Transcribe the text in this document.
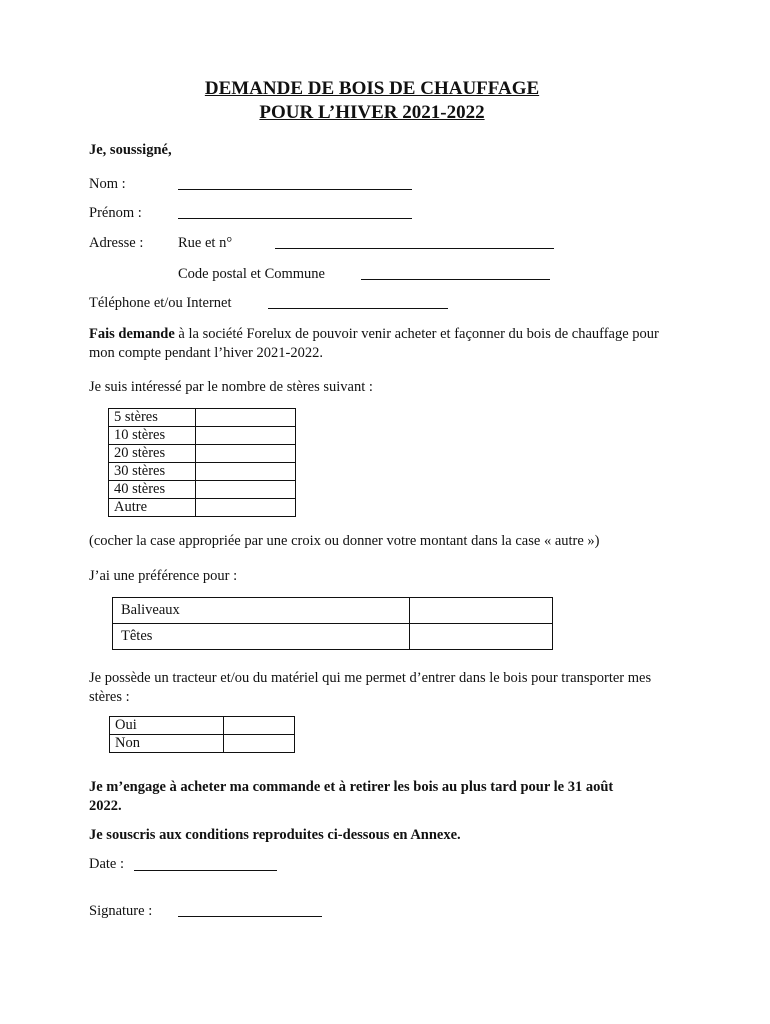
DEMANDE DE BOIS DE CHAUFFAGE
POUR L’HIVER 2021-2022
Je, soussigné,
Nom :
Prénom :
Adresse : Rue et n°
Code postal et Commune
Téléphone et/ou Internet
Fais demande à la société Forelux de pouvoir venir acheter et façonner du bois de chauffage pour mon compte pendant l’hiver 2021-2022.
Je suis intéressé par le nombre de stères suivant :
5 stères	
10 stères	
20 stères	
30 stères	
40 stères	
Autre	
(cocher la case appropriée par une croix ou donner votre montant dans la case « autre »)
J’ai une préférence pour :
Baliveaux	
Têtes	
Je possède un tracteur et/ou du matériel qui me permet d’entrer dans le bois pour transporter mes stères :
Oui	
Non	
Je m’engage à acheter ma commande et à retirer les bois au plus tard pour le 31 août 2022.
Je souscris aux conditions reproduites ci-dessous en Annexe.
Date :
Signature :
